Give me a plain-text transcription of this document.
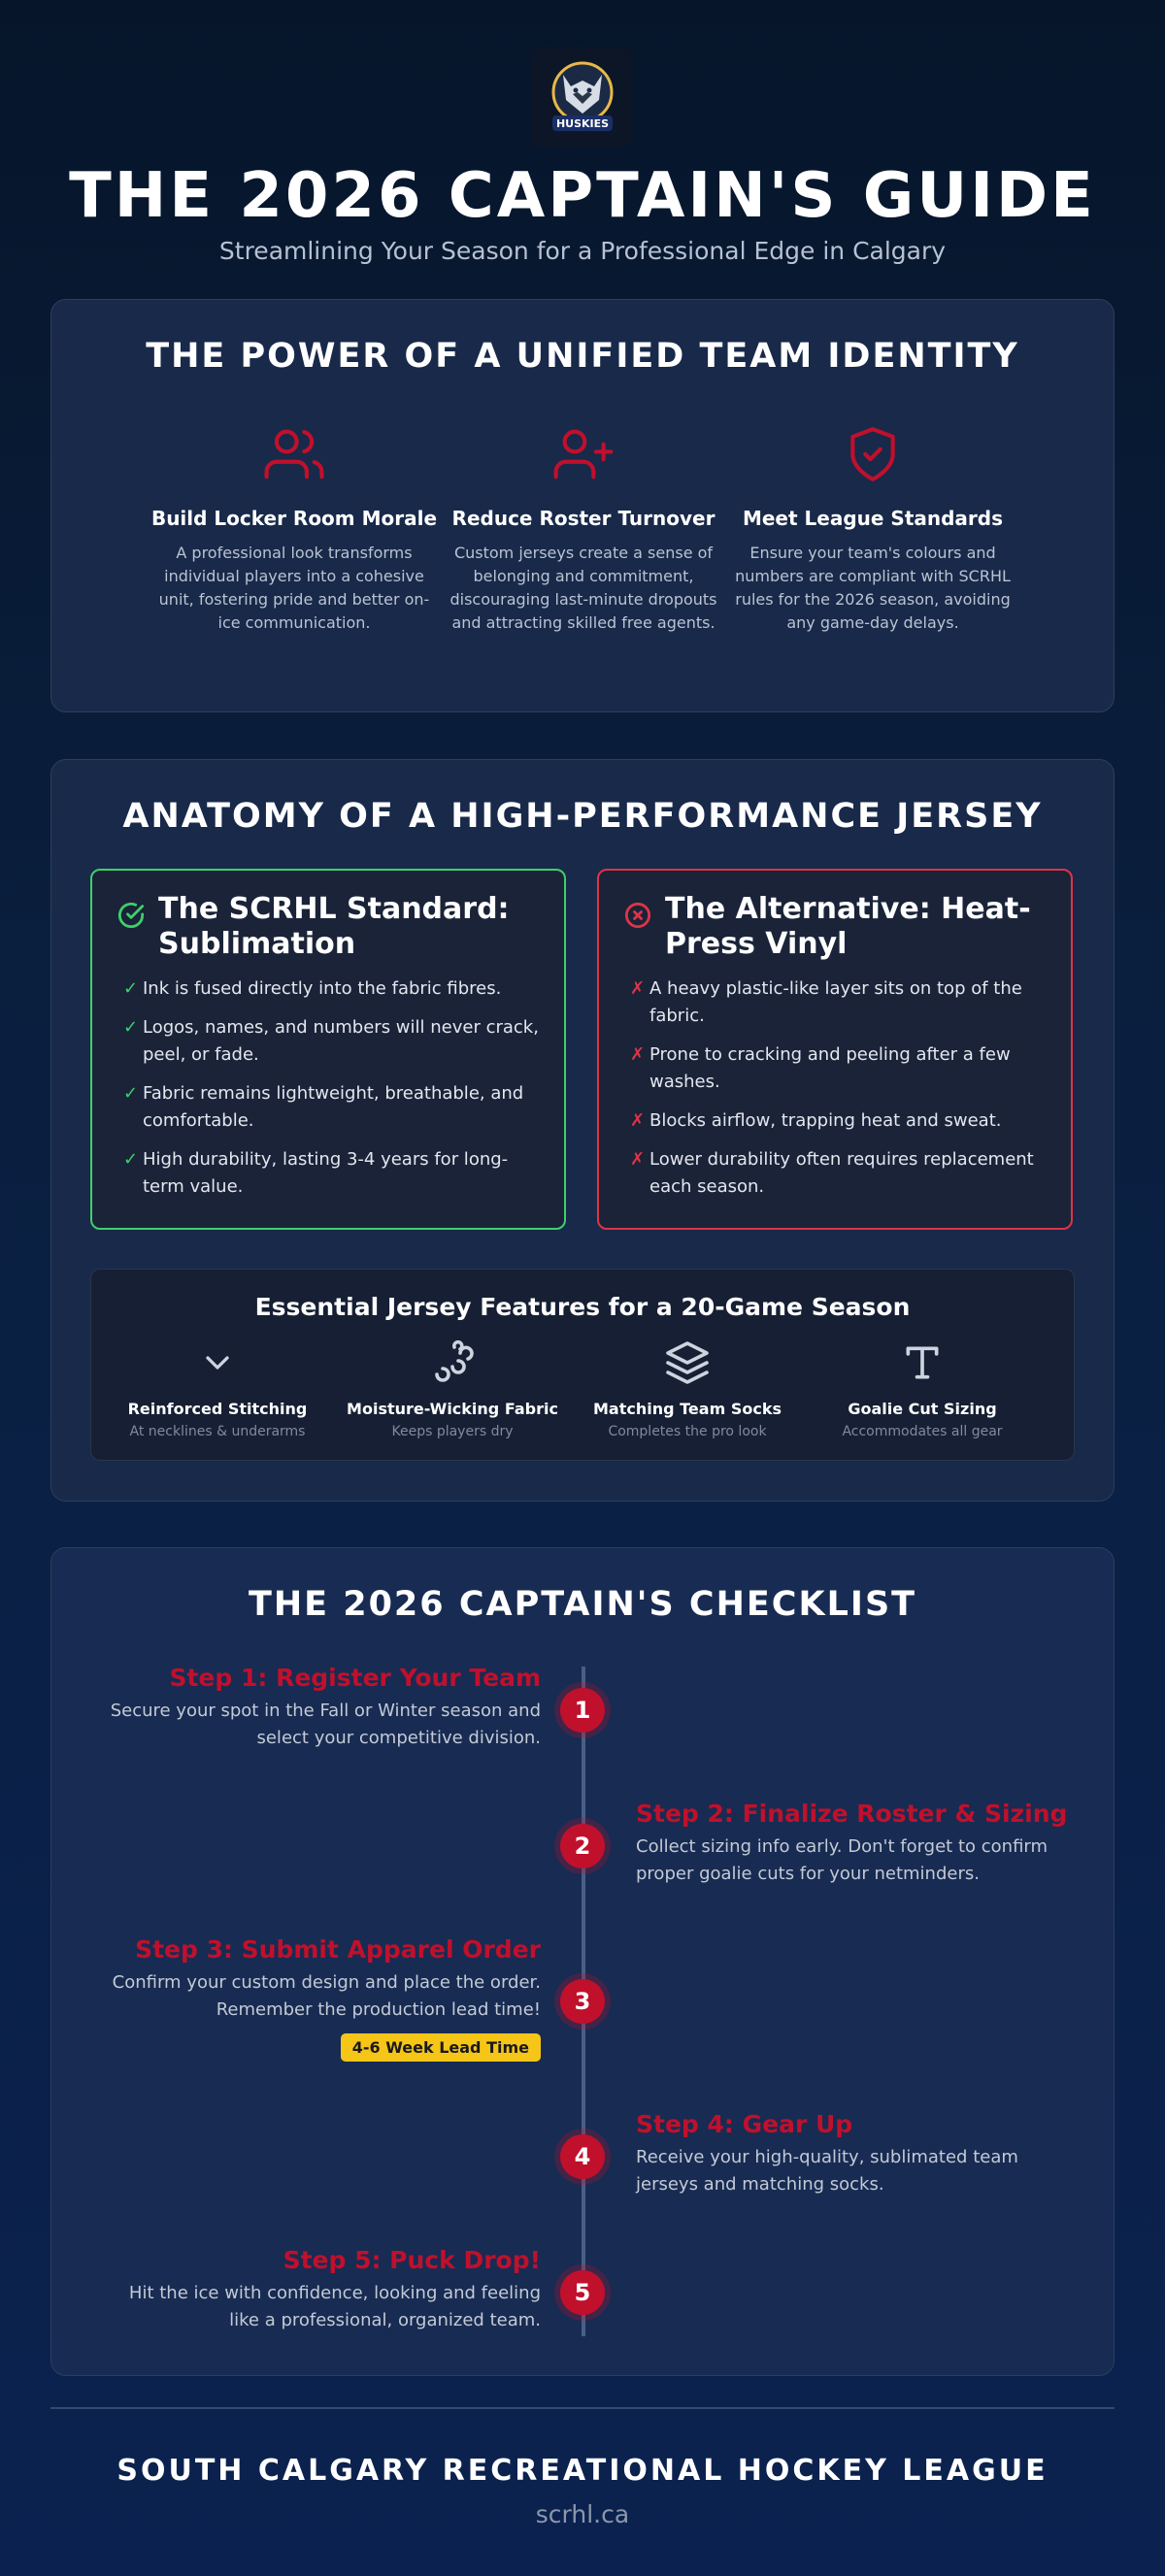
HUSKIES
THE 2026 CAPTAIN'S GUIDE
Streamlining Your Season for a Professional Edge in Calgary
THE POWER OF A UNIFIED TEAM IDENTITY
Build Locker Room Morale
A professional look transforms individual players into a cohesive unit, fostering pride and better on-ice communication.
Reduce Roster Turnover
Custom jerseys create a sense of belonging and commitment, discouraging last-minute dropouts and attracting skilled free agents.
Meet League Standards
Ensure your team's colours and numbers are compliant with SCRHL rules for the 2026 season, avoiding any game-day delays.
ANATOMY OF A HIGH-PERFORMANCE JERSEY
The SCRHL Standard: Sublimation
✓ Ink is fused directly into the fabric fibres.
✓ Logos, names, and numbers will never crack, peel, or fade.
✓ Fabric remains lightweight, breathable, and comfortable.
✓ High durability, lasting 3-4 years for long-term value.
The Alternative: Heat-Press Vinyl
✗ A heavy plastic-like layer sits on top of the fabric.
✗ Prone to cracking and peeling after a few washes.
✗ Blocks airflow, trapping heat and sweat.
✗ Lower durability often requires replacement each season.
Essential Jersey Features for a 20-Game Season
Reinforced Stitching
At necklines & underarms
Moisture-Wicking Fabric
Keeps players dry
Matching Team Socks
Completes the pro look
Goalie Cut Sizing
Accommodates all gear
THE 2026 CAPTAIN'S CHECKLIST
Step 1: Register Your Team
Secure your spot in the Fall or Winter season and select your competitive division.
1
Step 2: Finalize Roster & Sizing
Collect sizing info early. Don't forget to confirm proper goalie cuts for your netminders.
2
Step 3: Submit Apparel Order
Confirm your custom design and place the order. Remember the production lead time!
4-6 Week Lead Time
3
Step 4: Gear Up
Receive your high-quality, sublimated team jerseys and matching socks.
4
Step 5: Puck Drop!
Hit the ice with confidence, looking and feeling like a professional, organized team.
5
SOUTH CALGARY RECREATIONAL HOCKEY LEAGUE
scrhl.ca
